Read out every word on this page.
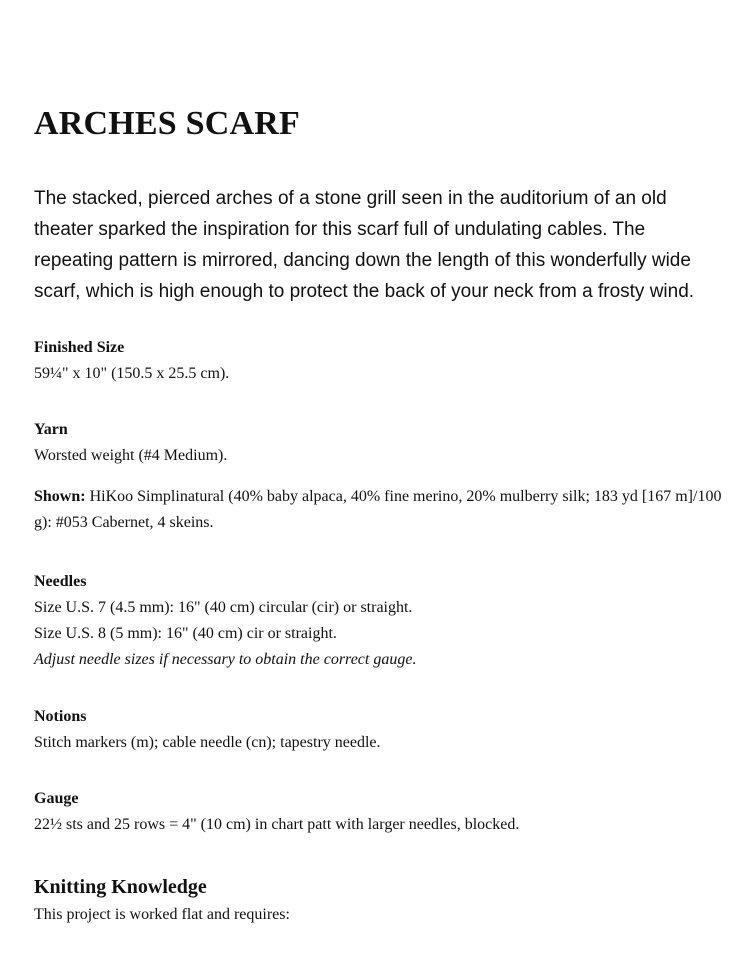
ARCHES SCARF

The stacked, pierced arches of a stone grill seen in the auditorium of an old theater sparked the inspiration for this scarf full of undulating cables. The repeating pattern is mirrored, dancing down the length of this wonderfully wide scarf, which is high enough to protect the back of your neck from a frosty wind.

Finished Size
59¼" x 10" (150.5 x 25.5 cm).
Yarn
Worsted weight (#4 Medium).
Shown: HiKoo Simplinatural (40% baby alpaca, 40% fine merino, 20% mulberry silk; 183 yd [167 m]/100 g): #053 Cabernet, 4 skeins.
Needles
Size U.S. 7 (4.5 mm): 16" (40 cm) circular (cir) or straight.
Size U.S. 8 (5 mm): 16" (40 cm) cir or straight.
Adjust needle sizes if necessary to obtain the correct gauge.
Notions
Stitch markers (m); cable needle (cn); tapestry needle.
Gauge
22½ sts and 25 rows = 4" (10 cm) in chart patt with larger needles, blocked.
Knitting Knowledge
This project is worked flat and requires:
